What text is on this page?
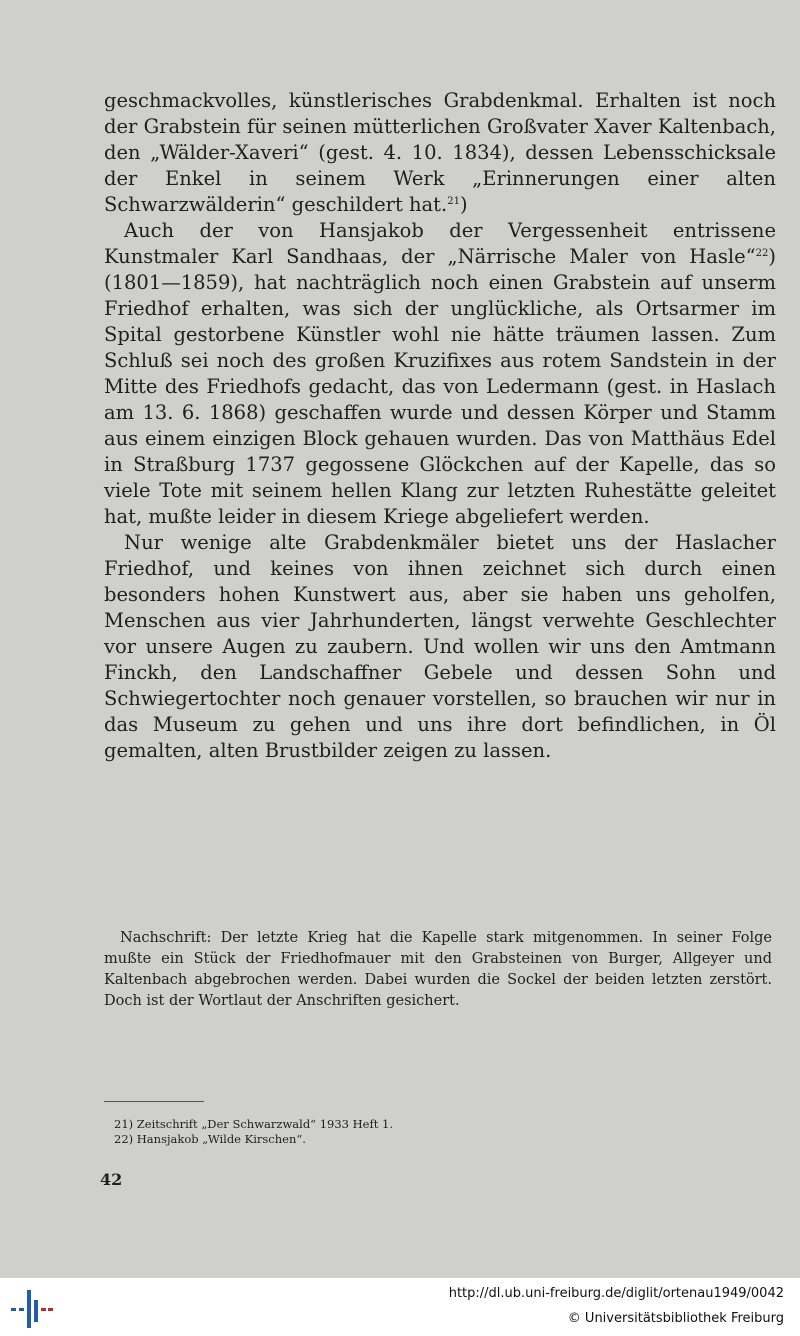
geschmackvolles, künstlerisches Grabdenkmal. Erhalten ist noch der Grabstein für seinen mütterlichen Großvater Xaver Kaltenbach, den „Wälder-Xaveri“ (gest. 4. 10. 1834), dessen Lebensschicksale der Enkel in seinem Werk „Erinnerungen einer alten Schwarzwälderin“ geschildert hat.$^{21}$)

Auch der von Hansjakob der Vergessenheit entrissene Kunstmaler Karl Sandhaas, der „Närrische Maler von Hasle“$^{22}$) (1801—1859), hat nachträglich noch einen Grabstein auf unserm Friedhof erhalten, was sich der unglückliche, als Ortsarmer im Spital gestorbene Künstler wohl nie hätte träumen lassen. Zum Schluß sei noch des großen Kruzifixes aus rotem Sandstein in der Mitte des Friedhofs gedacht, das von Ledermann (gest. in Haslach am 13. 6. 1868) geschaffen wurde und dessen Körper und Stamm aus einem einzigen Block gehauen wurden. Das von Matthäus Edel in Straßburg 1737 gegossene Glöckchen auf der Kapelle, das so viele Tote mit seinem hellen Klang zur letzten Ruhestätte geleitet hat, mußte leider in diesem Kriege abgeliefert werden.

Nur wenige alte Grabdenkmäler bietet uns der Haslacher Friedhof, und keines von ihnen zeichnet sich durch einen besonders hohen Kunstwert aus, aber sie haben uns geholfen, Menschen aus vier Jahrhunderten, längst verwehte Geschlechter vor unsere Augen zu zaubern. Und wollen wir uns den Amtmann Finckh, den Landschaffner Gebele und dessen Sohn und Schwiegertochter noch genauer vorstellen, so brauchen wir nur in das Museum zu gehen und uns ihre dort befindlichen, in Öl gemalten, alten Brustbilder zeigen zu lassen.

Nachschrift: Der letzte Krieg hat die Kapelle stark mitgenommen. In seiner Folge mußte ein Stück der Friedhofmauer mit den Grabsteinen von Burger, Allgeyer und Kaltenbach abgebrochen werden. Dabei wurden die Sockel der beiden letzten zerstört. Doch ist der Wortlaut der Anschriften gesichert.

21) Zeitschrift „Der Schwarzwald“ 1933 Heft 1.
22) Hansjakob „Wilde Kirschen“.
42
http://dl.ub.uni-freiburg.de/diglit/ortenau1949/0042
© Universitätsbibliothek Freiburg
